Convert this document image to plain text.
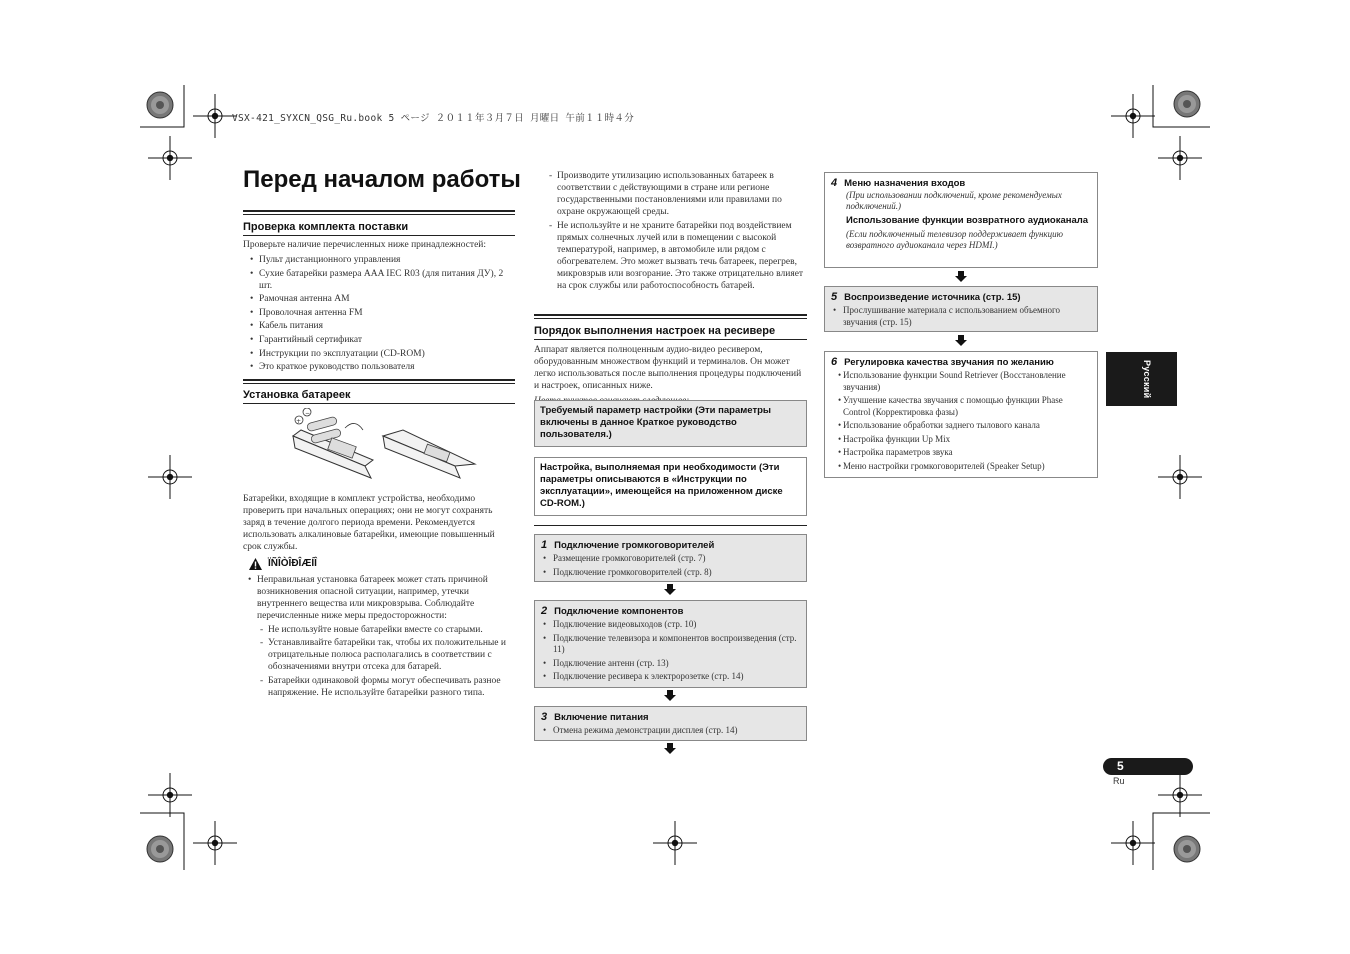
VSX-421_SYXCN_QSG_Ru.book 5 ページ ２０１１年３月７日 月曜日 午前１１時４分
Перед началом работы
Проверка комплекта поставки
Проверьте наличие перечисленных ниже принадлежностей:
• Пульт дистанционного управления
• Сухие батарейки размера AAA IEC R03 (для питания ДУ), 2 шт.
• Рамочная антенна AM
• Проволочная антенна FM
• Кабель питания
• Гарантийный сертификат
• Инструкции по эксплуатации (CD-ROM)
• Это краткое руководство пользователя
Установка батареек
+
−
Батарейки, входящие в комплект устройства, необходимо проверить при начальных операциях; они не могут сохранять заряд в течение долгого периода времени. Рекомендуется использовать алкалиновые батарейки, имеющие повышенный срок службы.
ÏÑÎÒÎÐÎÆÍÎ
• Неправильная установка батареек может стать причиной возникновения опасной ситуации, например, утечки внутреннего вещества или микровзрыва. Соблюдайте перечисленные ниже меры предосторожности:
- Не используйте новые батарейки вместе со старыми.
- Устанавливайте батарейки так, чтобы их положительные и отрицательные полюса располагались в соответствии с обозначениями внутри отсека для батарей.
- Батарейки одинаковой формы могут обеспечивать разное напряжение. Не используйте батарейки разного типа.
- Производите утилизацию использованных батареек в соответствии с действующими в стране или регионе государственными постановлениями или правилами по охране окружающей среды.
- Не используйте и не храните батарейки под воздействием прямых солнечных лучей или в помещении с высокой температурой, например, в автомобиле или рядом с обогревателем. Это может вызвать течь батареек, перегрев, микровзрыв или возгорание. Это также отрицательно влияет на срок службы или работоспособность батарей.
Порядок выполнения настроек на ресивере
Аппарат является полноценным аудио-видео ресивером, оборудованным множеством функций и терминалов. Он может легко использоваться после выполнения процедуры подключений и настроек, описанных ниже.
Требуемый параметр настройки (Эти параметры включены в данное Краткое руководство пользователя.)
Настройка, выполняемая при необходимости (Эти параметры описываются в «Инструкции по эксплуатации», имеющейся на приложенном диске CD-ROM.)
1 Подключение громкоговорителей
• Размещение громкоговорителей (стр. 7)
• Подключение громкоговорителей (стр. 8)
2 Подключение компонентов
• Подключение видеовыходов (стр. 10)
• Подключение телевизора и компонентов воспроизведения (стр. 11)
• Подключение антенн (стр. 13)
• Подключение ресивера к электророзетке (стр. 14)
3 Включение питания
• Отмена режима демонстрации дисплея (стр. 14)
4 Меню назначения входов
(При использовании подключений, кроме рекомендуемых подключений.)
Использование функции возвратного аудиоканала
(Если подключенный телевизор поддерживает функцию возвратного аудиоканала через HDMI.)
5 Воспроизведение источника (стр. 15)
• Прослушивание материала с использованием объемного звучания (стр. 15)
6 Регулировка качества звучания по желанию
• Использование функции Sound Retriever (Восстановление звучания)
• Улучшение качества звучания с помощью функции Phase Control (Корректировка фазы)
• Использование обработки заднего тылового канала
• Настройка функции Up Mix
• Настройка параметров звука
• Меню настройки громкоговорителей (Speaker Setup)
Русский
5
Ru
